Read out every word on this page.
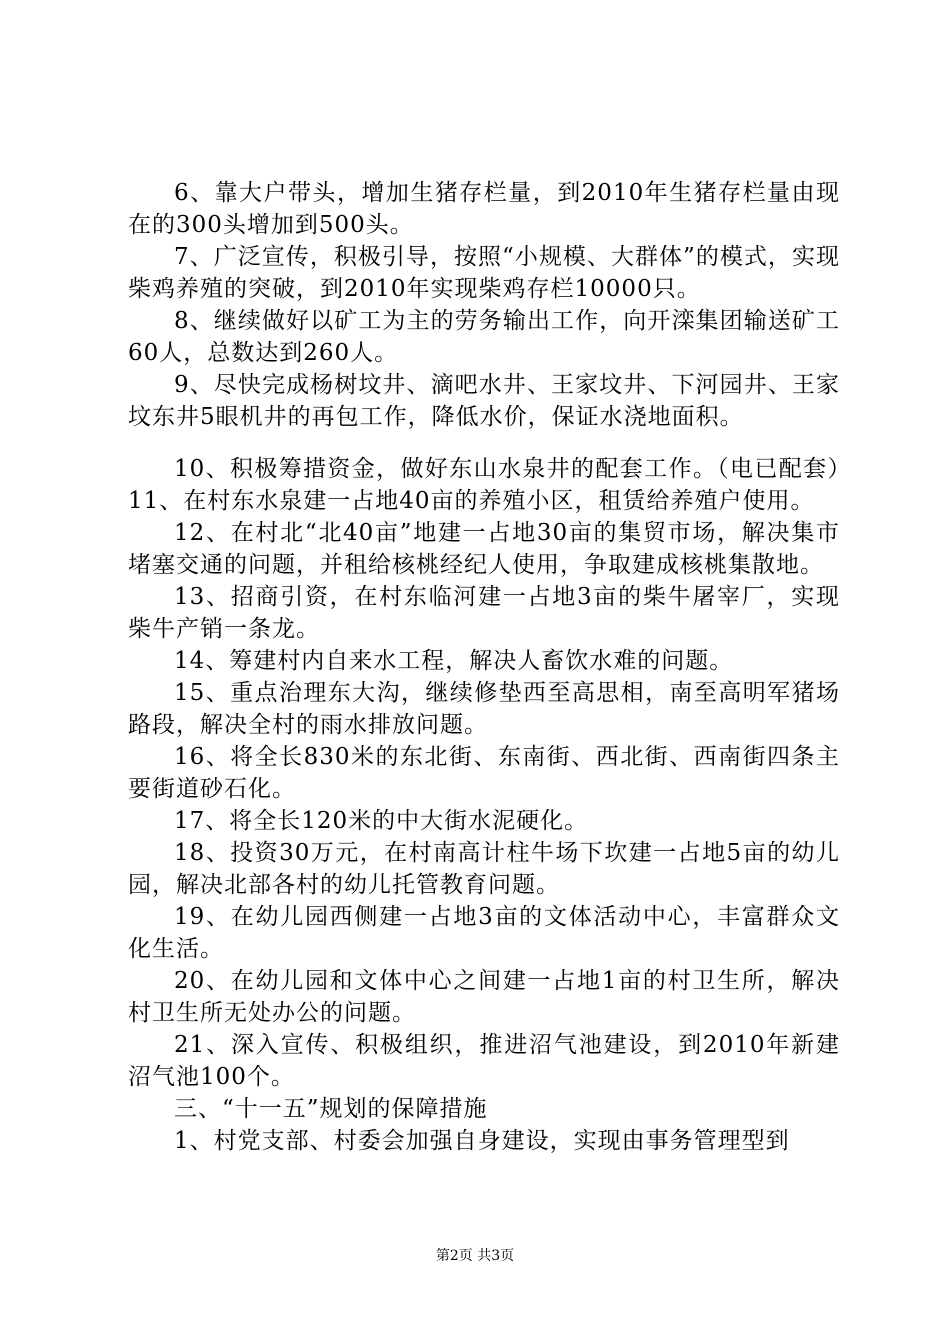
6、靠大户带头，增加生猪存栏量，到2010年生猪存栏量由现在的300头增加到500头。

7、广泛宣传，积极引导，按照“小规模、大群体”的模式，实现柴鸡养殖的突破，到2010年实现柴鸡存栏10000只。

8、继续做好以矿工为主的劳务输出工作，向开滦集团输送矿工60人，总数达到260人。

9、尽快完成杨树坟井、滴吧水井、王家坟井、下河园井、王家坟东井5眼机井的再包工作，降低水价，保证水浇地面积。

10、积极筹措资金，做好东山水泉井的配套工作。（电已配套）11、在村东水泉建一占地40亩的养殖小区，租赁给养殖户使用。

12、在村北“北40亩”地建一占地30亩的集贸市场，解决集市堵塞交通的问题，并租给核桃经纪人使用，争取建成核桃集散地。

13、招商引资，在村东临河建一占地3亩的柴牛屠宰厂，实现柴牛产销一条龙。

14、筹建村内自来水工程，解决人畜饮水难的问题。

15、重点治理东大沟，继续修垫西至高思相，南至高明军猪场路段，解决全村的雨水排放问题。

16、将全长830米的东北街、东南街、西北街、西南街四条主要街道砂石化。

17、将全长120米的中大街水泥硬化。

18、投资30万元，在村南高计柱牛场下坎建一占地5亩的幼儿园，解决北部各村的幼儿托管教育问题。

19、在幼儿园西侧建一占地3亩的文体活动中心，丰富群众文化生活。

20、在幼儿园和文体中心之间建一占地1亩的村卫生所，解决村卫生所无处办公的问题。

21、深入宣传、积极组织，推进沼气池建设，到2010年新建沼气池100个。

三、“十一五”规划的保障措施

1、村党支部、村委会加强自身建设，实现由事务管理型到

第2页 共3页
